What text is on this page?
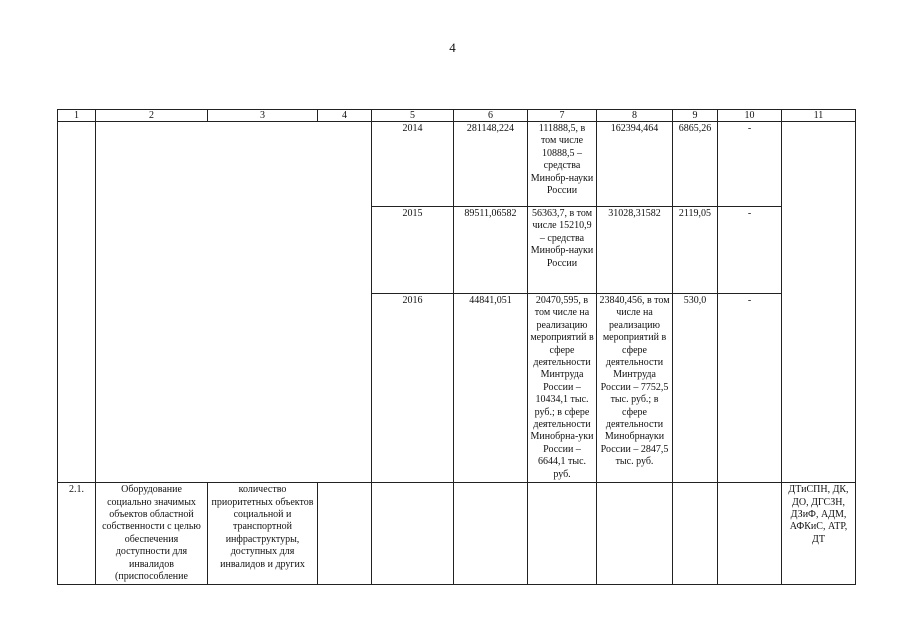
4
1	2	3	4	5	6	7	8	9	10	11
				2014	281148,224	111888,5, в том числе 10888,5 – средства Минобр-науки России	162394,464	6865,26	-	
				2015	89511,06582	56363,7, в том числе 15210,9 – средства Минобр-науки России	31028,31582	2119,05	-	
				2016	44841,051	20470,595, в том числе на реализацию мероприятий в сфере деятельности Минтруда России – 10434,1 тыс. руб.; в сфере деятельности Минобрна-уки России – 6644,1 тыс. руб.	23840,456, в том числе на реализацию мероприятий в сфере деятельности Минтруда России – 7752,5 тыс. руб.; в сфере деятельности Минобрнауки России – 2847,5 тыс. руб.	530,0	-	
2.1.	Оборудование социально значимых объектов областной собственности с целью обеспечения доступности для инвалидов (приспособление	количество приоритетных объектов социальной и транспортной инфраструктуры, доступных для инвалидов и других								ДТиСПН, ДК, ДО, ДГСЗН, ДЗиФ, АДМ, АФКиС, АТР, ДТ
